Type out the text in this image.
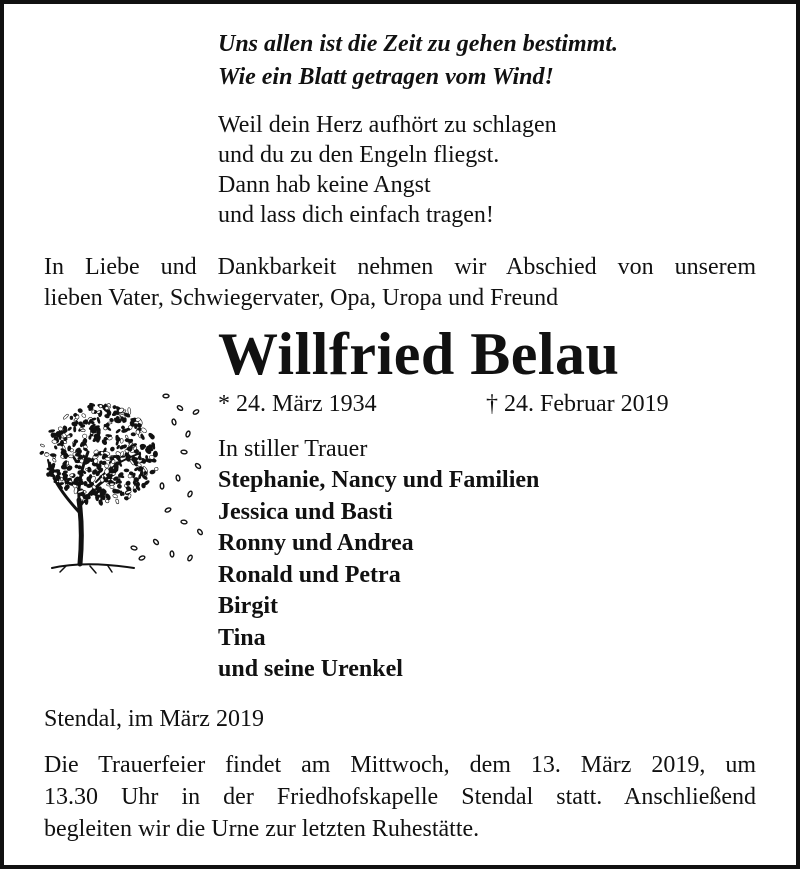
Uns allen ist die Zeit zu gehen bestimmt.
Wie ein Blatt getragen vom Wind!
Weil dein Herz aufhört zu schlagen
und du zu den Engeln fliegst.
Dann hab keine Angst
und lass dich einfach tragen!
In Liebe und Dankbarkeit nehmen wir Abschied von unserem
lieben Vater, Schwiegervater, Opa, Uropa und Freund
Willfried Belau
* 24. März 1934	† 24. Februar 2019
In stiller Trauer
Stephanie, Nancy und Familien
Jessica und Basti
Ronny und Andrea
Ronald und Petra
Birgit
Tina
und seine Urenkel
Stendal, im März 2019
Die Trauerfeier findet am Mittwoch, dem 13. März 2019, um
13.30 Uhr in der Friedhofskapelle Stendal statt. Anschließend
begleiten wir die Urne zur letzten Ruhestätte.
